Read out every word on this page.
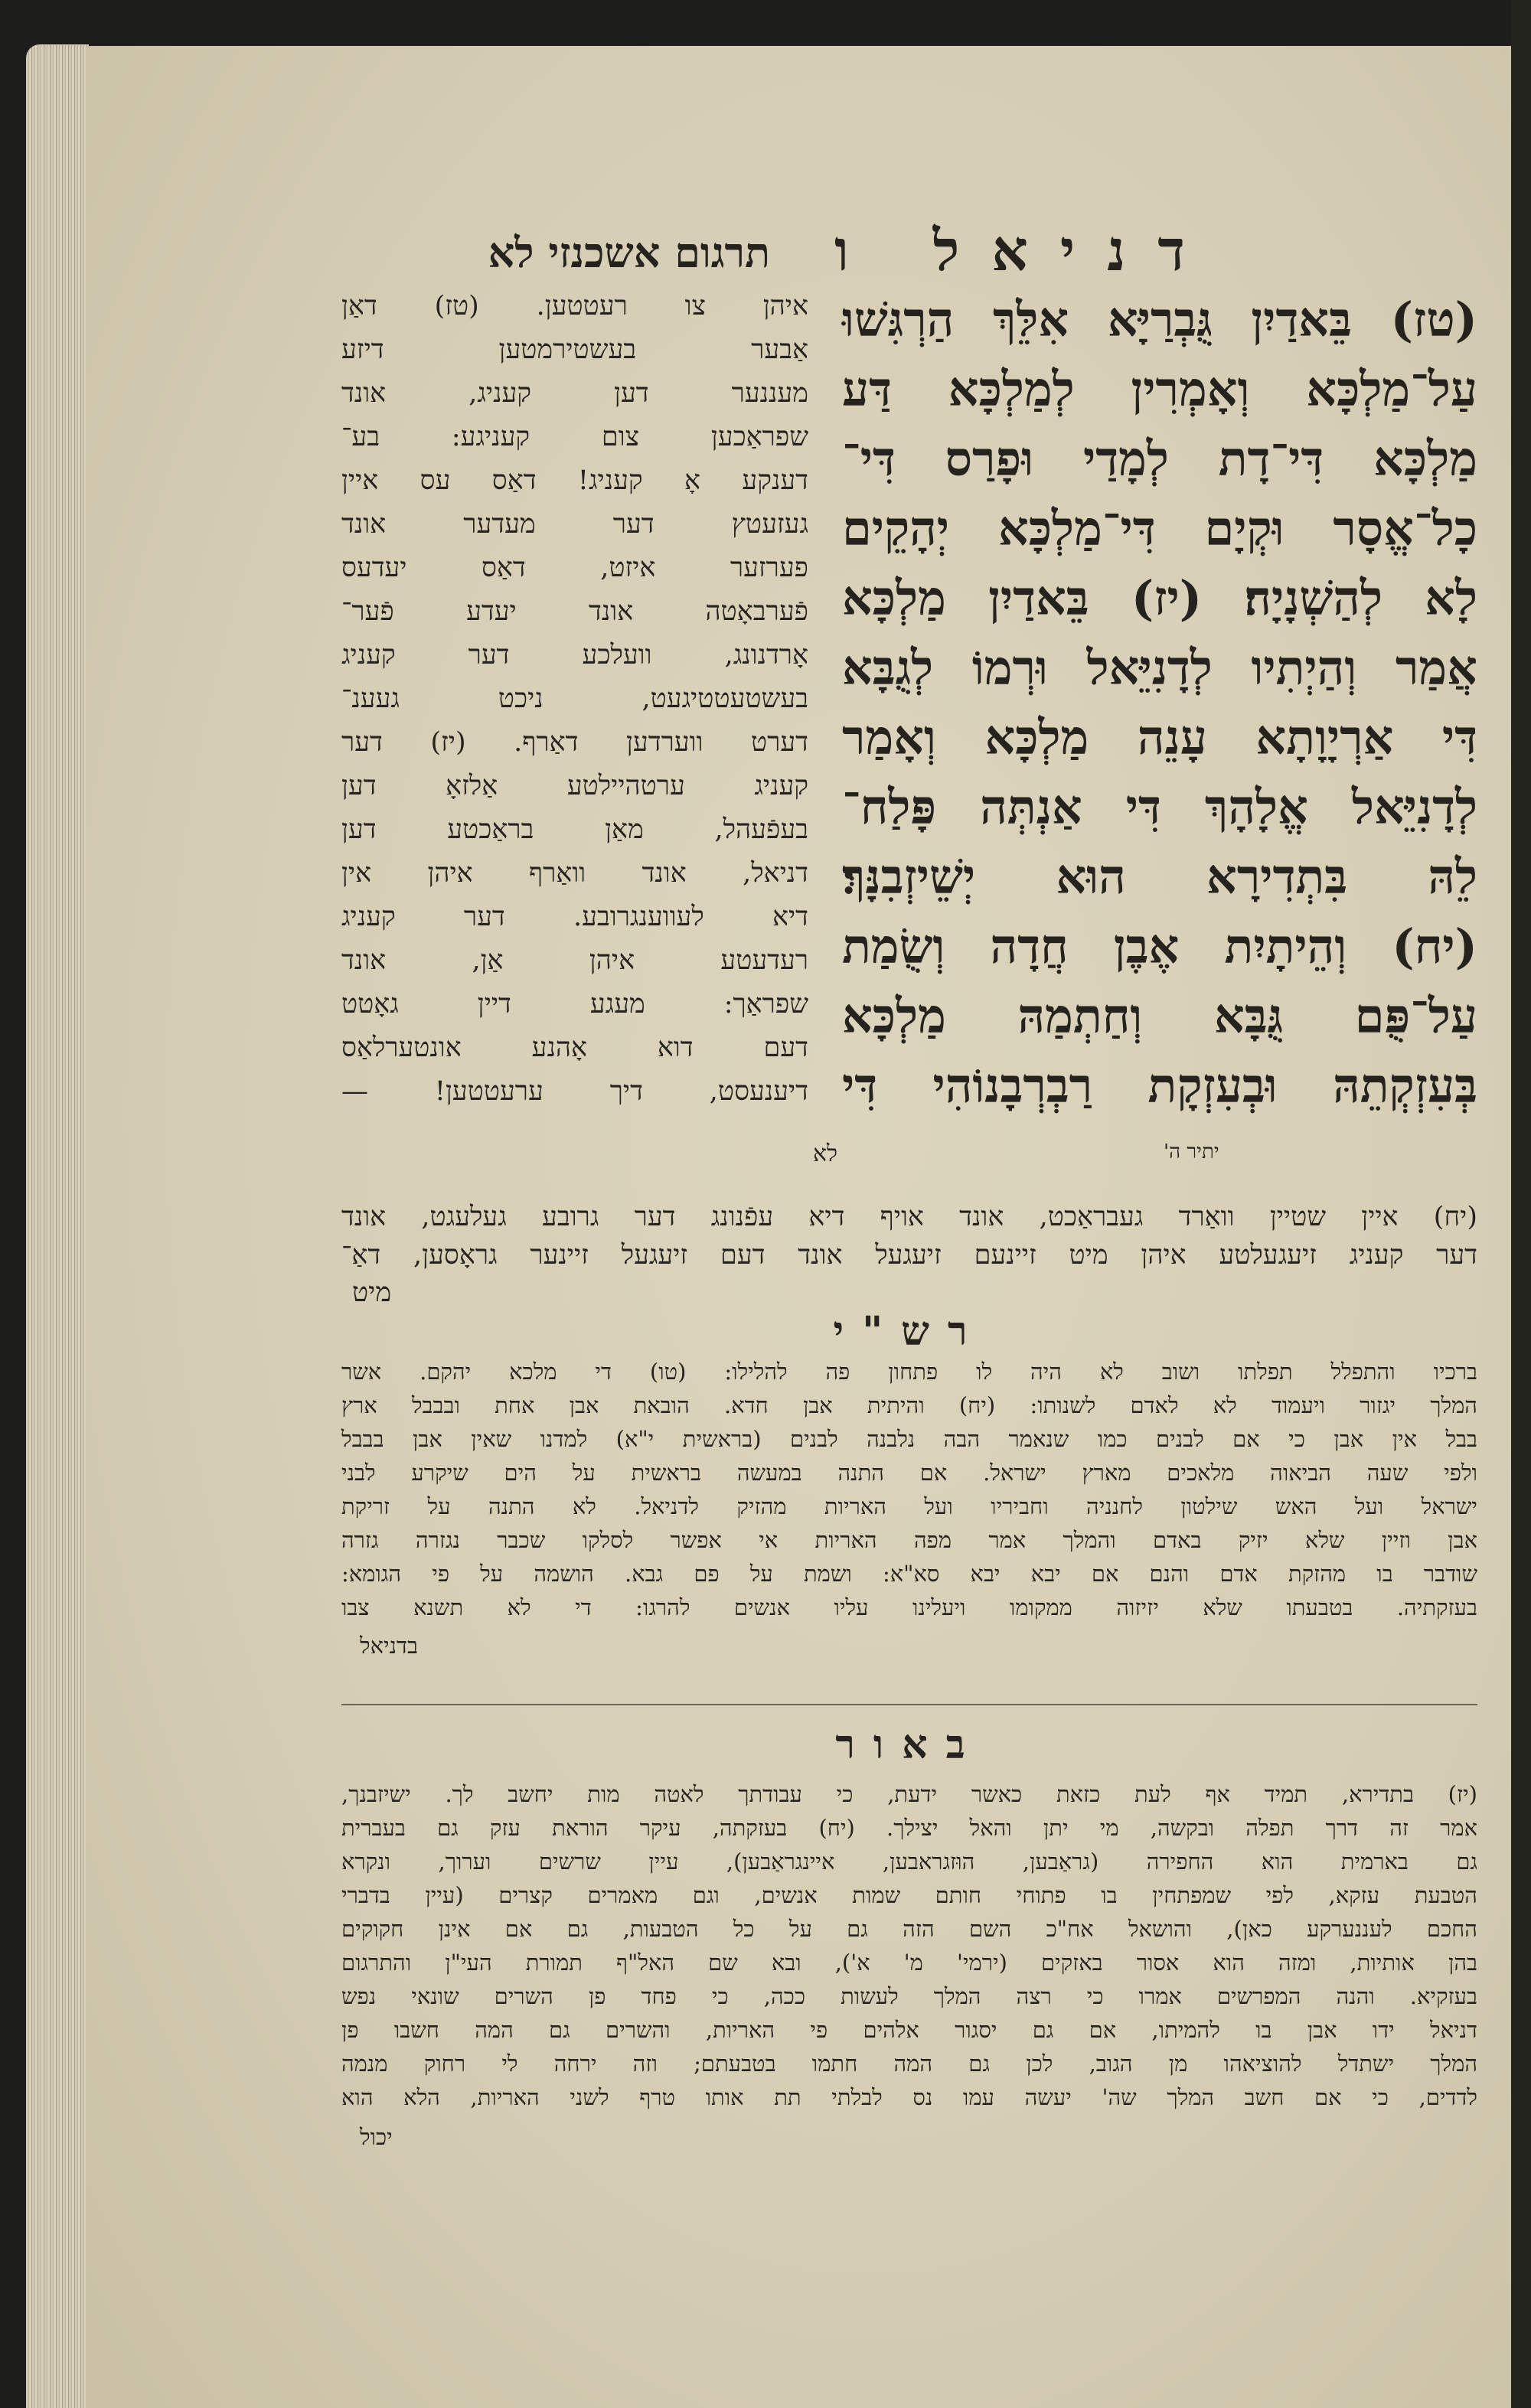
דניאל ו
תרגום אשכנזי לא
(טז) בֵּאדַיִן גֻּבְרַיָּא אִלֵּךְ הַרְגִּשׁוּ
עַל־מַלְכָּא וְאָמְרִין לְמַלְכָּא דַּע
מַלְכָּא דִּי־דָת לְמָדַי וּפָרַס דִּי־
כָל־אֱסָר וּקְיָם דִּי־מַלְכָּא יְהָקֵים
לָא לְהַשְׁנָיָה׃ (יז) בֵּאדַיִן מַלְכָּא
אֲמַר וְהַיְתִיו לְדָנִיֵּאל וּרְמוֹ לְגֻבָּא
דִּי אַרְיָוָתָא עָנֵה מַלְכָּא וְאָמַר
לְדָנִיֵּאל אֱלָהָךְ דִּי אַנְתְּה פָּלַח־
לֵהּ בִּתְדִירָא הוּא יְשֵׁיזְבִנָּךְ׃
(יח) וְהֵיתָיִת אֶבֶן חֲדָה וְשֻׂמַת
עַל־פֻּם גֻּבָּא וְחַתְמַהּ מַלְכָּא
בְּעִזְקְתֵהּ וּבְעִזְקָת רַבְרְבָנוֹהִי דִּי
יתיר ה'
לא
איהן צו רעטטען. (טז) דאַן
אַבער בעשטירמטען דיזע
מעננער דען קעניג, אונד
שפראַכען צום קעניגע: בע־
דענקע אָ קעניג! דאַס עס איין
געזעטץ דער מעדער אונד
פערזער איזט, דאַס יעדעס
פֿערבאָטה אונד יעדע פֿער־
אָרדנונג, וועלכע דער קעניג
בעשטעטטיגעט, ניכט געענ־
דערט ווערדען דאַרף. (יז) דער
קעניג ערטהיילטע אַלזאָ דען
בעפֿעהל, מאַן בראַכטע דען
דניאל, אונד וואַרף איהן אין
דיא לעווענגרובע. דער קעניג
רעדעטע איהן אַן, אונד
שפראַך: מעגע דיין גאָטט
דעם דוא אָהנע אונטערלאַס
דיענעסט, דיך ערעטטען! —
(יח) איין שטיין וואַרד געבראַכט, אונד אויף דיא עפֿנונג דער גרובע געלעגט, אונד
דער קעניג זיעגעלטע איהן מיט זיינעם זיעגעל אונד דעם זיעגעל זיינער גראָסען, דאַ־
מיט
רש"י
ברכיו והתפלל תפלתו ושוב לא היה לו פתחון פה להלילו: (טו) די מלכא יהקם. אשר
המלך יגזור ויעמוד לא לאדם לשנותו: (יח) והיתית אבן חדא. הובאת אבן אחת ובבבל ארץ
בבל אין אבן כי אם לבנים כמו שנאמר הבה נלבנה לבנים (בראשית י"א) למדנו שאין אבן בבבל
ולפי שעה הביאוה מלאכים מארץ ישראל. אם התנה במעשה בראשית על הים שיקרע לבני
ישראל ועל האש שילטון לחנניה וחביריו ועל האריות מהזיק לדניאל. לא התנה על זריקת
אבן וזיין שלא יזיק באדם והמלך אמר מפה האריות אי אפשר לסלקו שכבר נגזרה גזרה
שודבר בו מהזקת אדם והנם אם יבא יבא סא"א: ושמת על פם גבא. הושמה על פי הגומא:
בעזקתיה. בטבעתו שלא יזיזוה ממקומו ויעלינו עליו אנשים להרגו: די לא תשנא צבו
בדניאל
באור
(יז) בתדירא, תמיד אף לעת כזאת כאשר ידעת, כי עבודתך לאטה מות יחשב לך. ישיזבנך,
אמר זה דרך תפלה ובקשה, מי יתן והאל יצילך. (יח) בעזקתה, עיקר הוראת עזק גם בעברית
גם בארמית הוא החפירה (גראַבען, הוּזגראבען, איינגראַבען), עיין שרשים וערוך, ונקרא
הטבעת עזקא, לפי שמפתחין בו פתוחי חותם שמות אנשים, וגם מאמרים קצרים (עיין בדברי
החכם לעננערקע כאן), והושאל אח"כ השם הזה גם על כל הטבעות, גם אם אינן חקוקים
בהן אותיות, ומזה הוא אסור באזקים (ירמי' מ' א'), ובא שם האל"ף תמורת העי"ן והתרגום
בעזקיא. והנה המפרשים אמרו כי רצה המלך לעשות ככה, כי פחד פן השרים שונאי נפש
דניאל ידו אבן בו להמיתו, אם גם יסגור אלהים פי האריות, והשרים גם המה חשבו פן
המלך ישתדל להוציאהו מן הגוב, לכן גם המה חתמו בטבעתם; וזה ירחה לי רחוק מנמה
לדדים, כי אם חשב המלך שה' יעשה עמו נס לבלתי תת אותו טרף לשני האריות, הלא הוא
יכול
